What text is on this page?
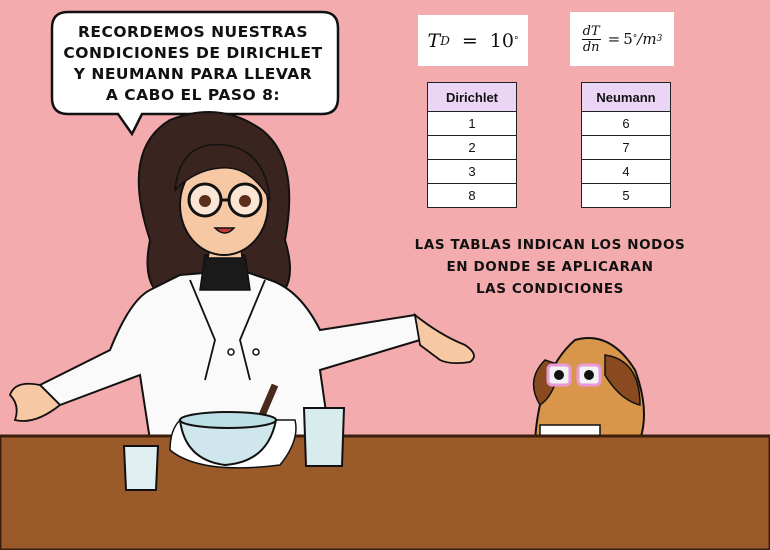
RECORDEMOS NUESTRAS
CONDICIONES DE DIRICHLET
Y NEUMANN PARA LLEVAR
A CABO EL PASO 8:
T D = 10 °	$\frac{dT}{dn} = 5$ ° /m 3
Dirichlet
1
2
3
8
Neumann
6
7
4
5
LAS TABLAS INDICAN LOS NODOS
EN DONDE SE APLICARAN
LAS CONDICIONES
